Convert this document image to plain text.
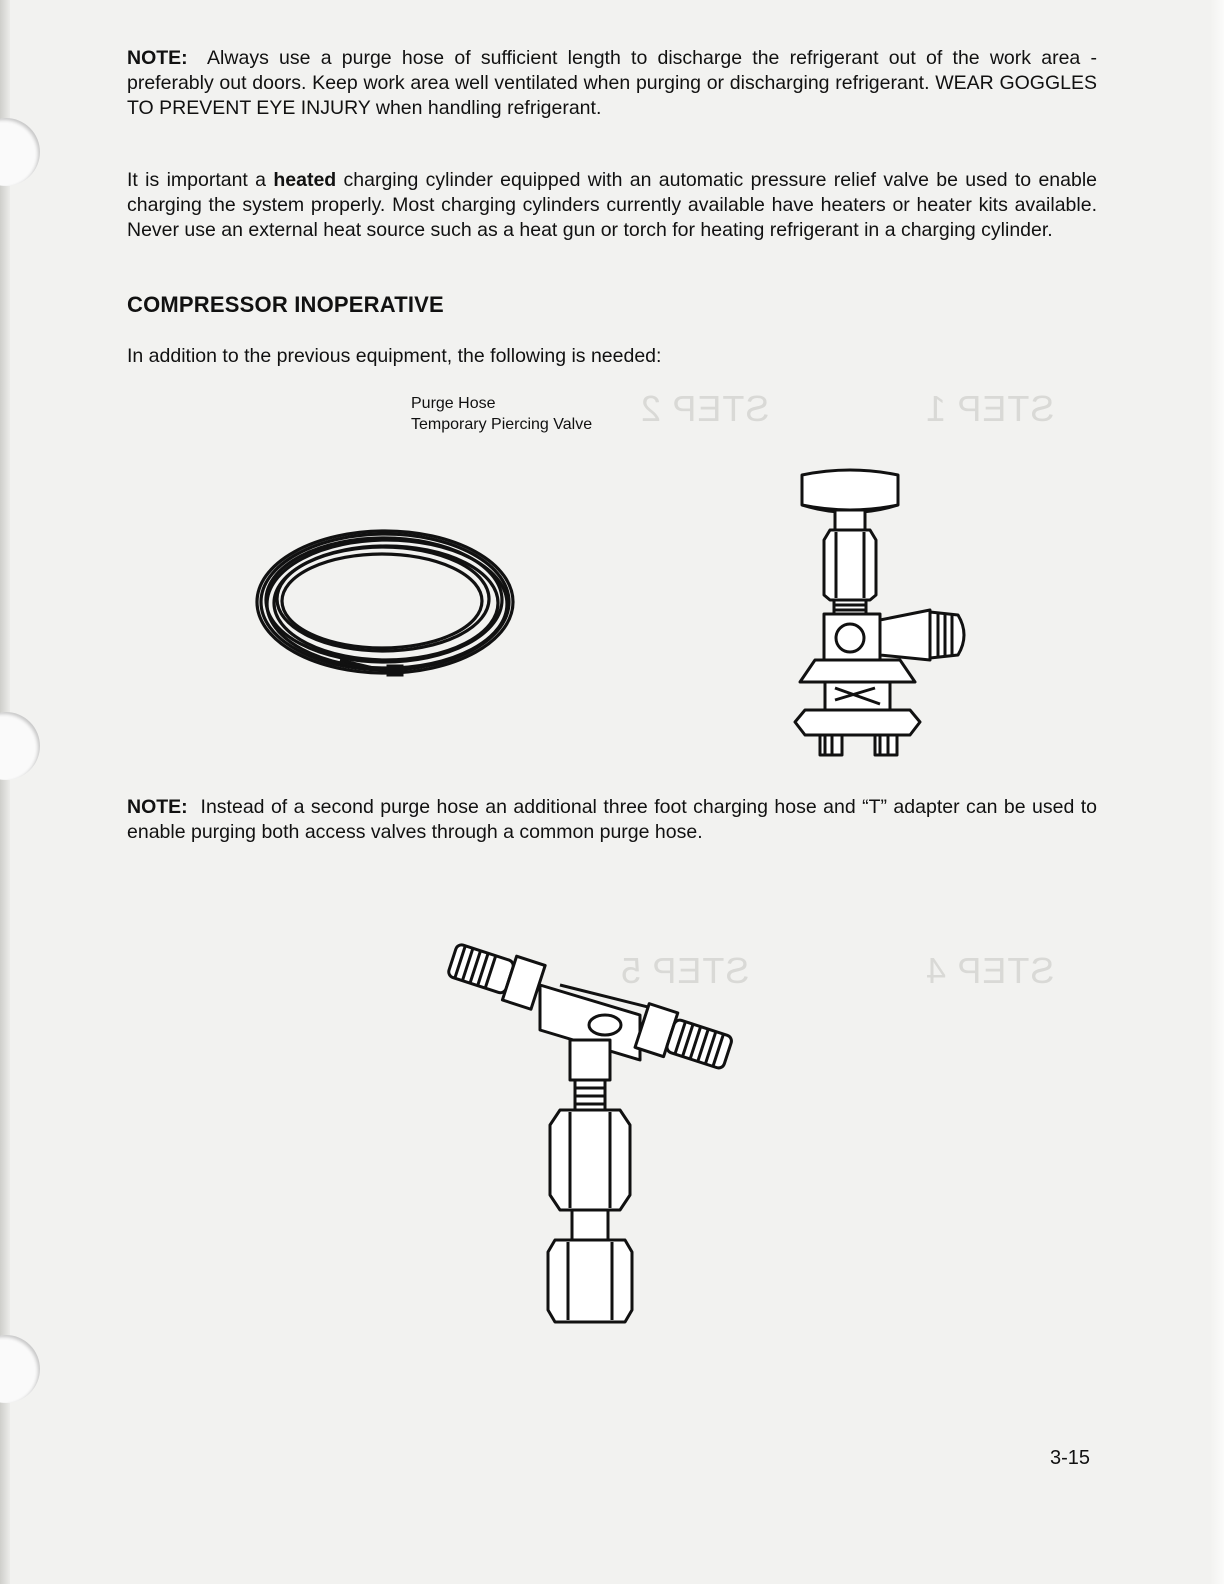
STEP 1
STEP 2
STEP 4
STEP 5

NOTE: Always use a purge hose of sufficient length to discharge the refrigerant out of the work area - preferably out doors. Keep work area well ventilated when purging or discharging refrigerant. WEAR GOGGLES TO PREVENT EYE INJURY when handling refrigerant.

It is important a heated charging cylinder equipped with an automatic pressure relief valve be used to enable charging the system properly. Most charging cylinders currently available have heaters or heater kits available. Never use an external heat source such as a heat gun or torch for heating refrigerant in a charging cylinder.

COMPRESSOR INOPERATIVE

In addition to the previous equipment, the following is needed:

Purge Hose
Temporary Piercing Valve

NOTE: Instead of a second purge hose an additional three foot charging hose and “T” adapter can be used to enable purging both access valves through a common purge hose.

3-15
